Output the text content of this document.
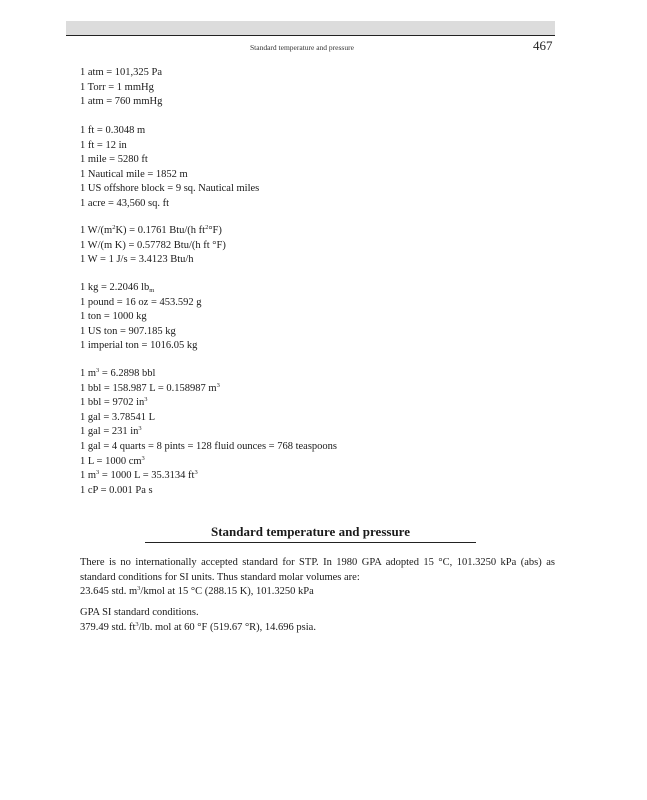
Standard temperature and pressure	467
1 atm = 101,325 Pa
1 Torr = 1 mmHg
1 atm = 760 mmHg
1 ft = 0.3048 m
1 ft = 12 in
1 mile = 5280 ft
1 Nautical mile = 1852 m
1 US offshore block = 9 sq. Nautical miles
1 acre = 43,560 sq. ft
1 $W/(m^2K) = 0.1761$ Btu/(h $ft^2^\circ F$)
1 W/(m K) = 0.57782 Btu/(h ft °F)
1 W = 1 J/s = 3.4123 Btu/h
1 kg = 2.2046 $lb_m$
1 pound = 16 oz = 453.592 g
1 ton = 1000 kg
1 US ton = 907.185 kg
1 imperial ton = 1016.05 kg
1 $m^3 = 6.2898$ bbl
1 bbl = 158.987 L = 0.158987 $m^3$
1 bbl = 9702 $in^3$
1 gal = 3.78541 L
1 gal = 231 $in^3$
1 gal = 4 quarts = 8 pints = 128 fluid ounces = 768 teaspoons
1 L = 1000 $cm^3$
1 $m^3 = 1000$ L = 35.3134 $ft^3$
1 cP = 0.001 Pa s
Standard temperature and pressure
There is no internationally accepted standard for STP. In 1980 GPA adopted 15 °C, 101.3250 kPa (abs) as standard conditions for SI units. Thus standard molar volumes are:
23.645 std. $m^3$/kmol at 15 °C (288.15 K), 101.3250 kPa
GPA SI standard conditions.
379.49 std. $ft^3/lb$. mol at 60 °F (519.67 °R), 14.696 psia.
